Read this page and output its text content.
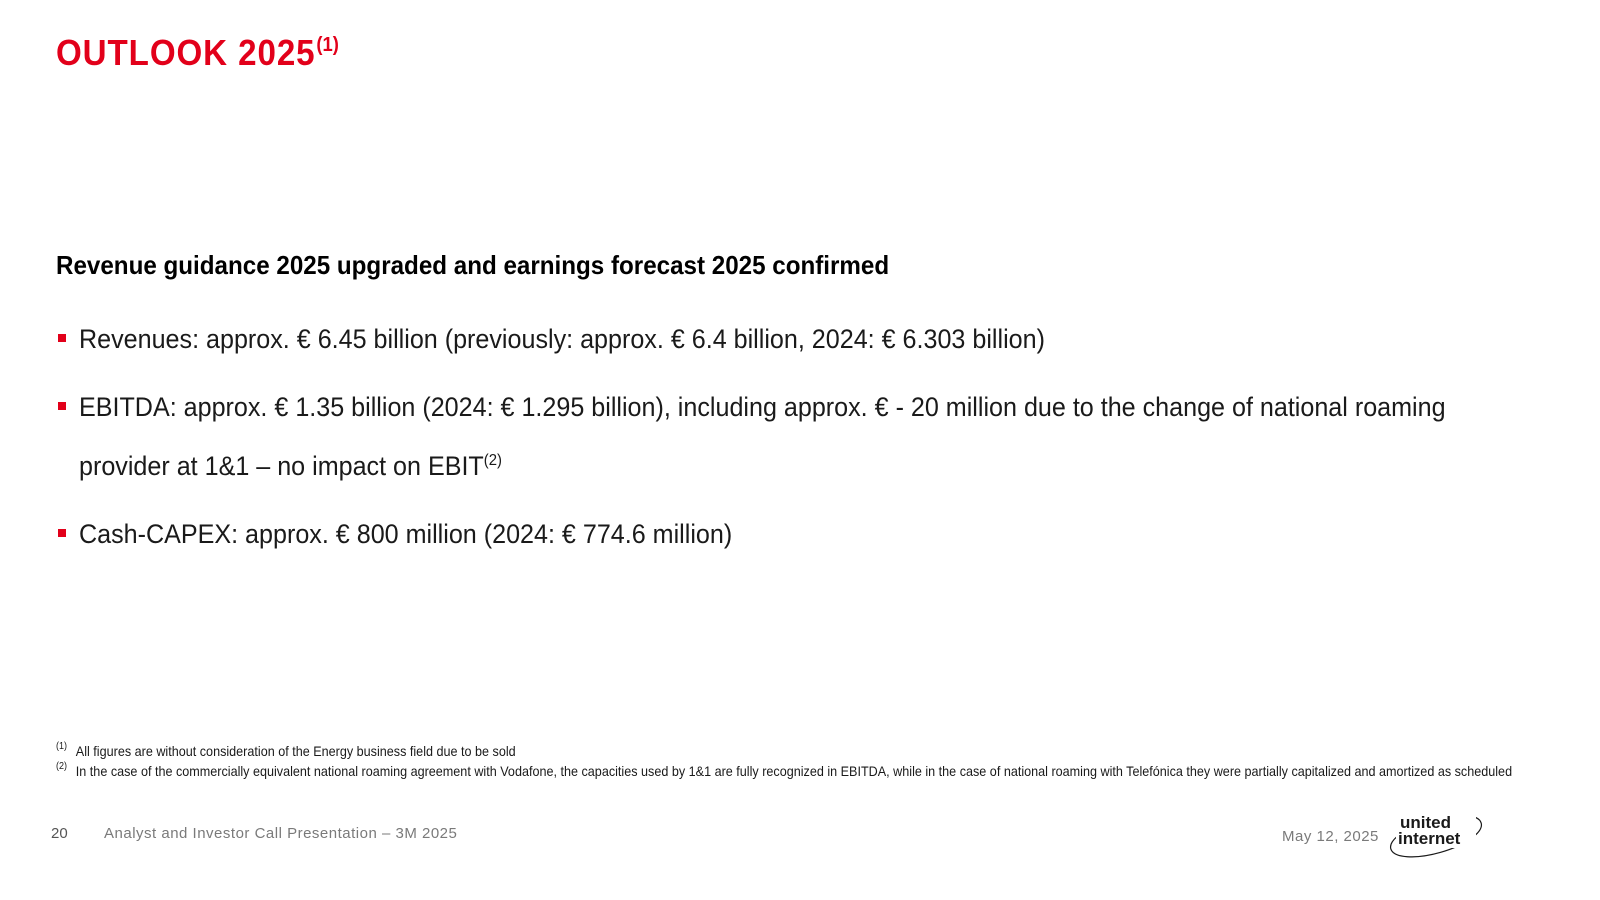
OUTLOOK 2025$^{(1)}$
Revenue guidance 2025 upgraded and earnings forecast 2025 confirmed
Revenues: approx. € 6.45 billion (previously: approx. € 6.4 billion, 2024: € 6.303 billion)
EBITDA: approx. € 1.35 billion (2024: € 1.295 billion), including approx. € - 20 million due to the change of national roaming provider at 1&1 – no impact on EBIT$^{(2)}$
Cash-CAPEX: approx. € 800 million (2024: € 774.6 million)
(1) All figures are without consideration of the Energy business field due to be sold
(2) In the case of the commercially equivalent national roaming agreement with Vodafone, the capacities used by 1&1 are fully recognized in EBITDA, while in the case of national roaming with Telefónica they were partially capitalized and amortized as scheduled
20 Analyst and Investor Call Presentation – 3M 2025	May 12, 2025
united
internet
